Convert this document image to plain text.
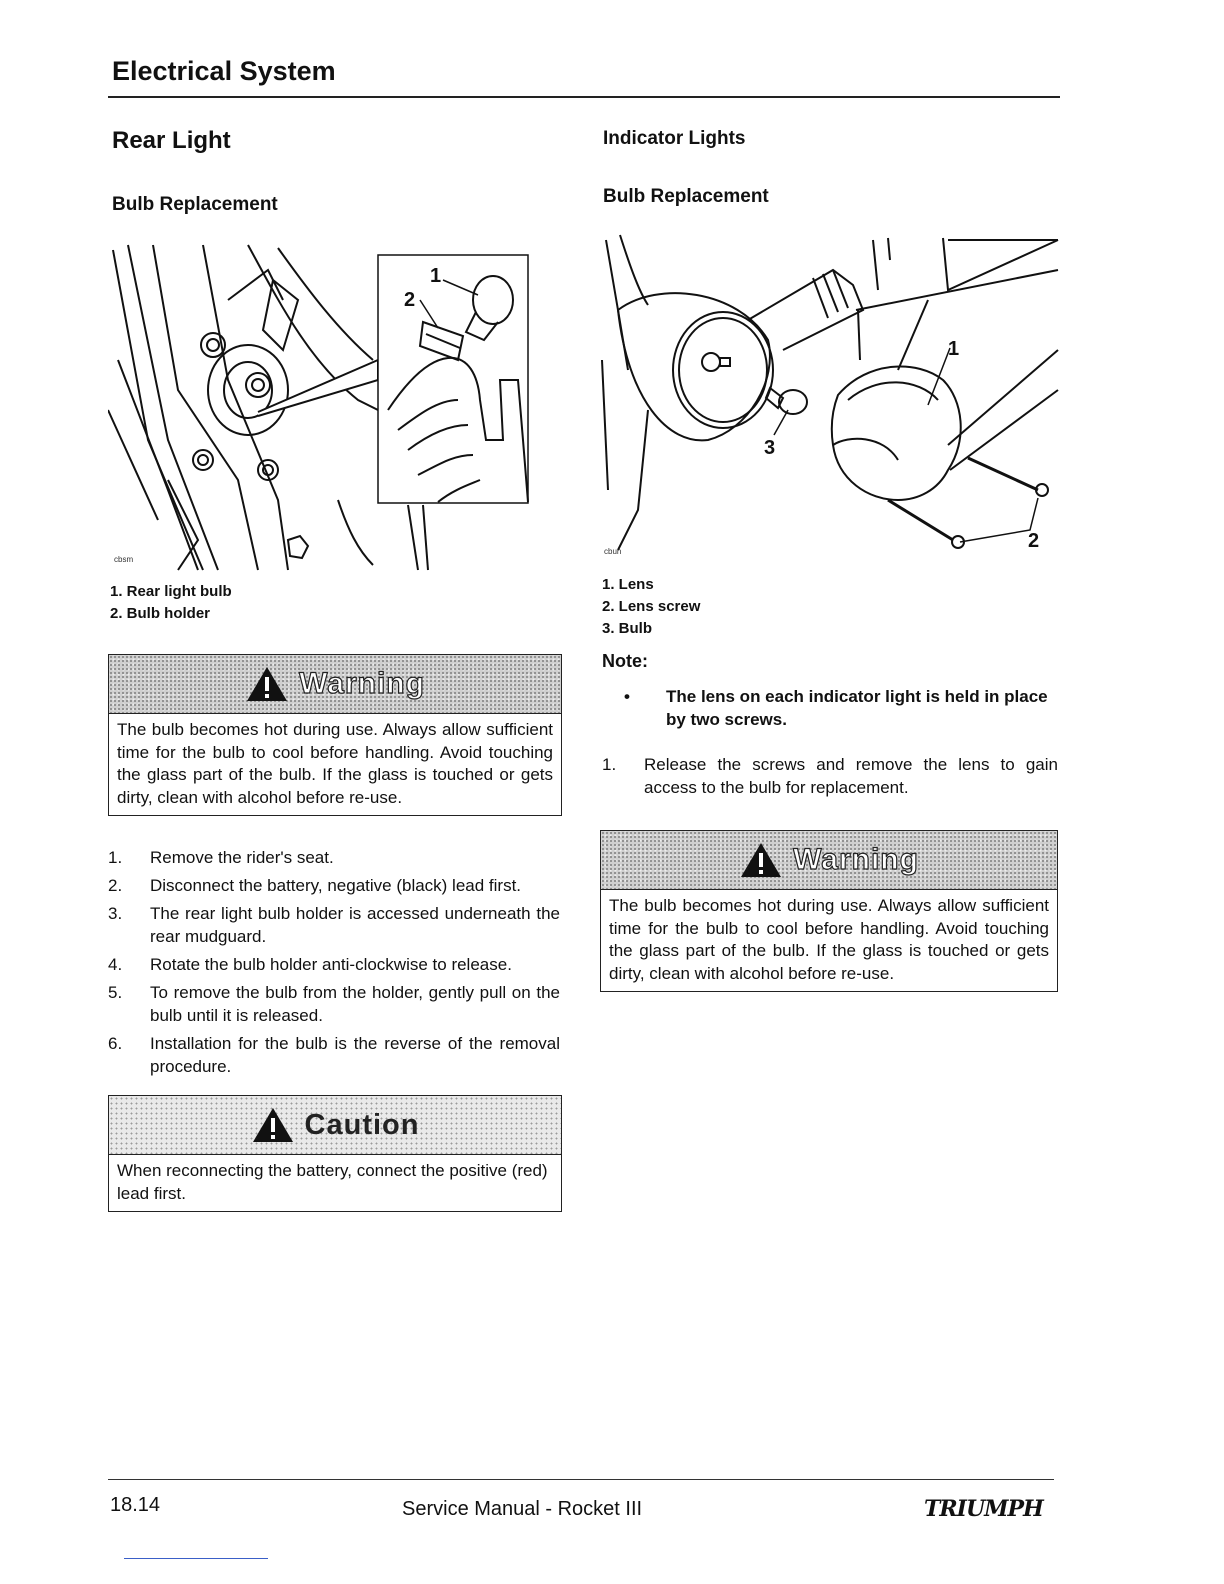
Electrical System
Rear Light
Bulb Replacement
1
2
cbsm
1. Rear light bulb
2. Bulb holder
Warning
The bulb becomes hot during use. Always allow sufficient time for the bulb to cool before handling. Avoid touching the glass part of the bulb. If the glass is touched or gets dirty, clean with alcohol before re-use.
1. Remove the rider's seat.
2. Disconnect the battery, negative (black) lead first.
3. The rear light bulb holder is accessed underneath the rear mudguard.
4. Rotate the bulb holder anti-clockwise to release.
5. To remove the bulb from the holder, gently pull on the bulb until it is released.
6. Installation for the bulb is the reverse of the removal procedure.
Caution
When reconnecting the battery, connect the positive (red) lead first.
Indicator Lights
Bulb Replacement
1
2
3
cbun
1. Lens
2. Lens screw
3. Bulb
Note:
• The lens on each indicator light is held in place by two screws.
1. Release the screws and remove the lens to gain access to the bulb for replacement.
Warning
The bulb becomes hot during use. Always allow sufficient time for the bulb to cool before handling. Avoid touching the glass part of the bulb. If the glass is touched or gets dirty, clean with alcohol before re-use.
18.14	Service Manual - Rocket III	TRIUMPH
